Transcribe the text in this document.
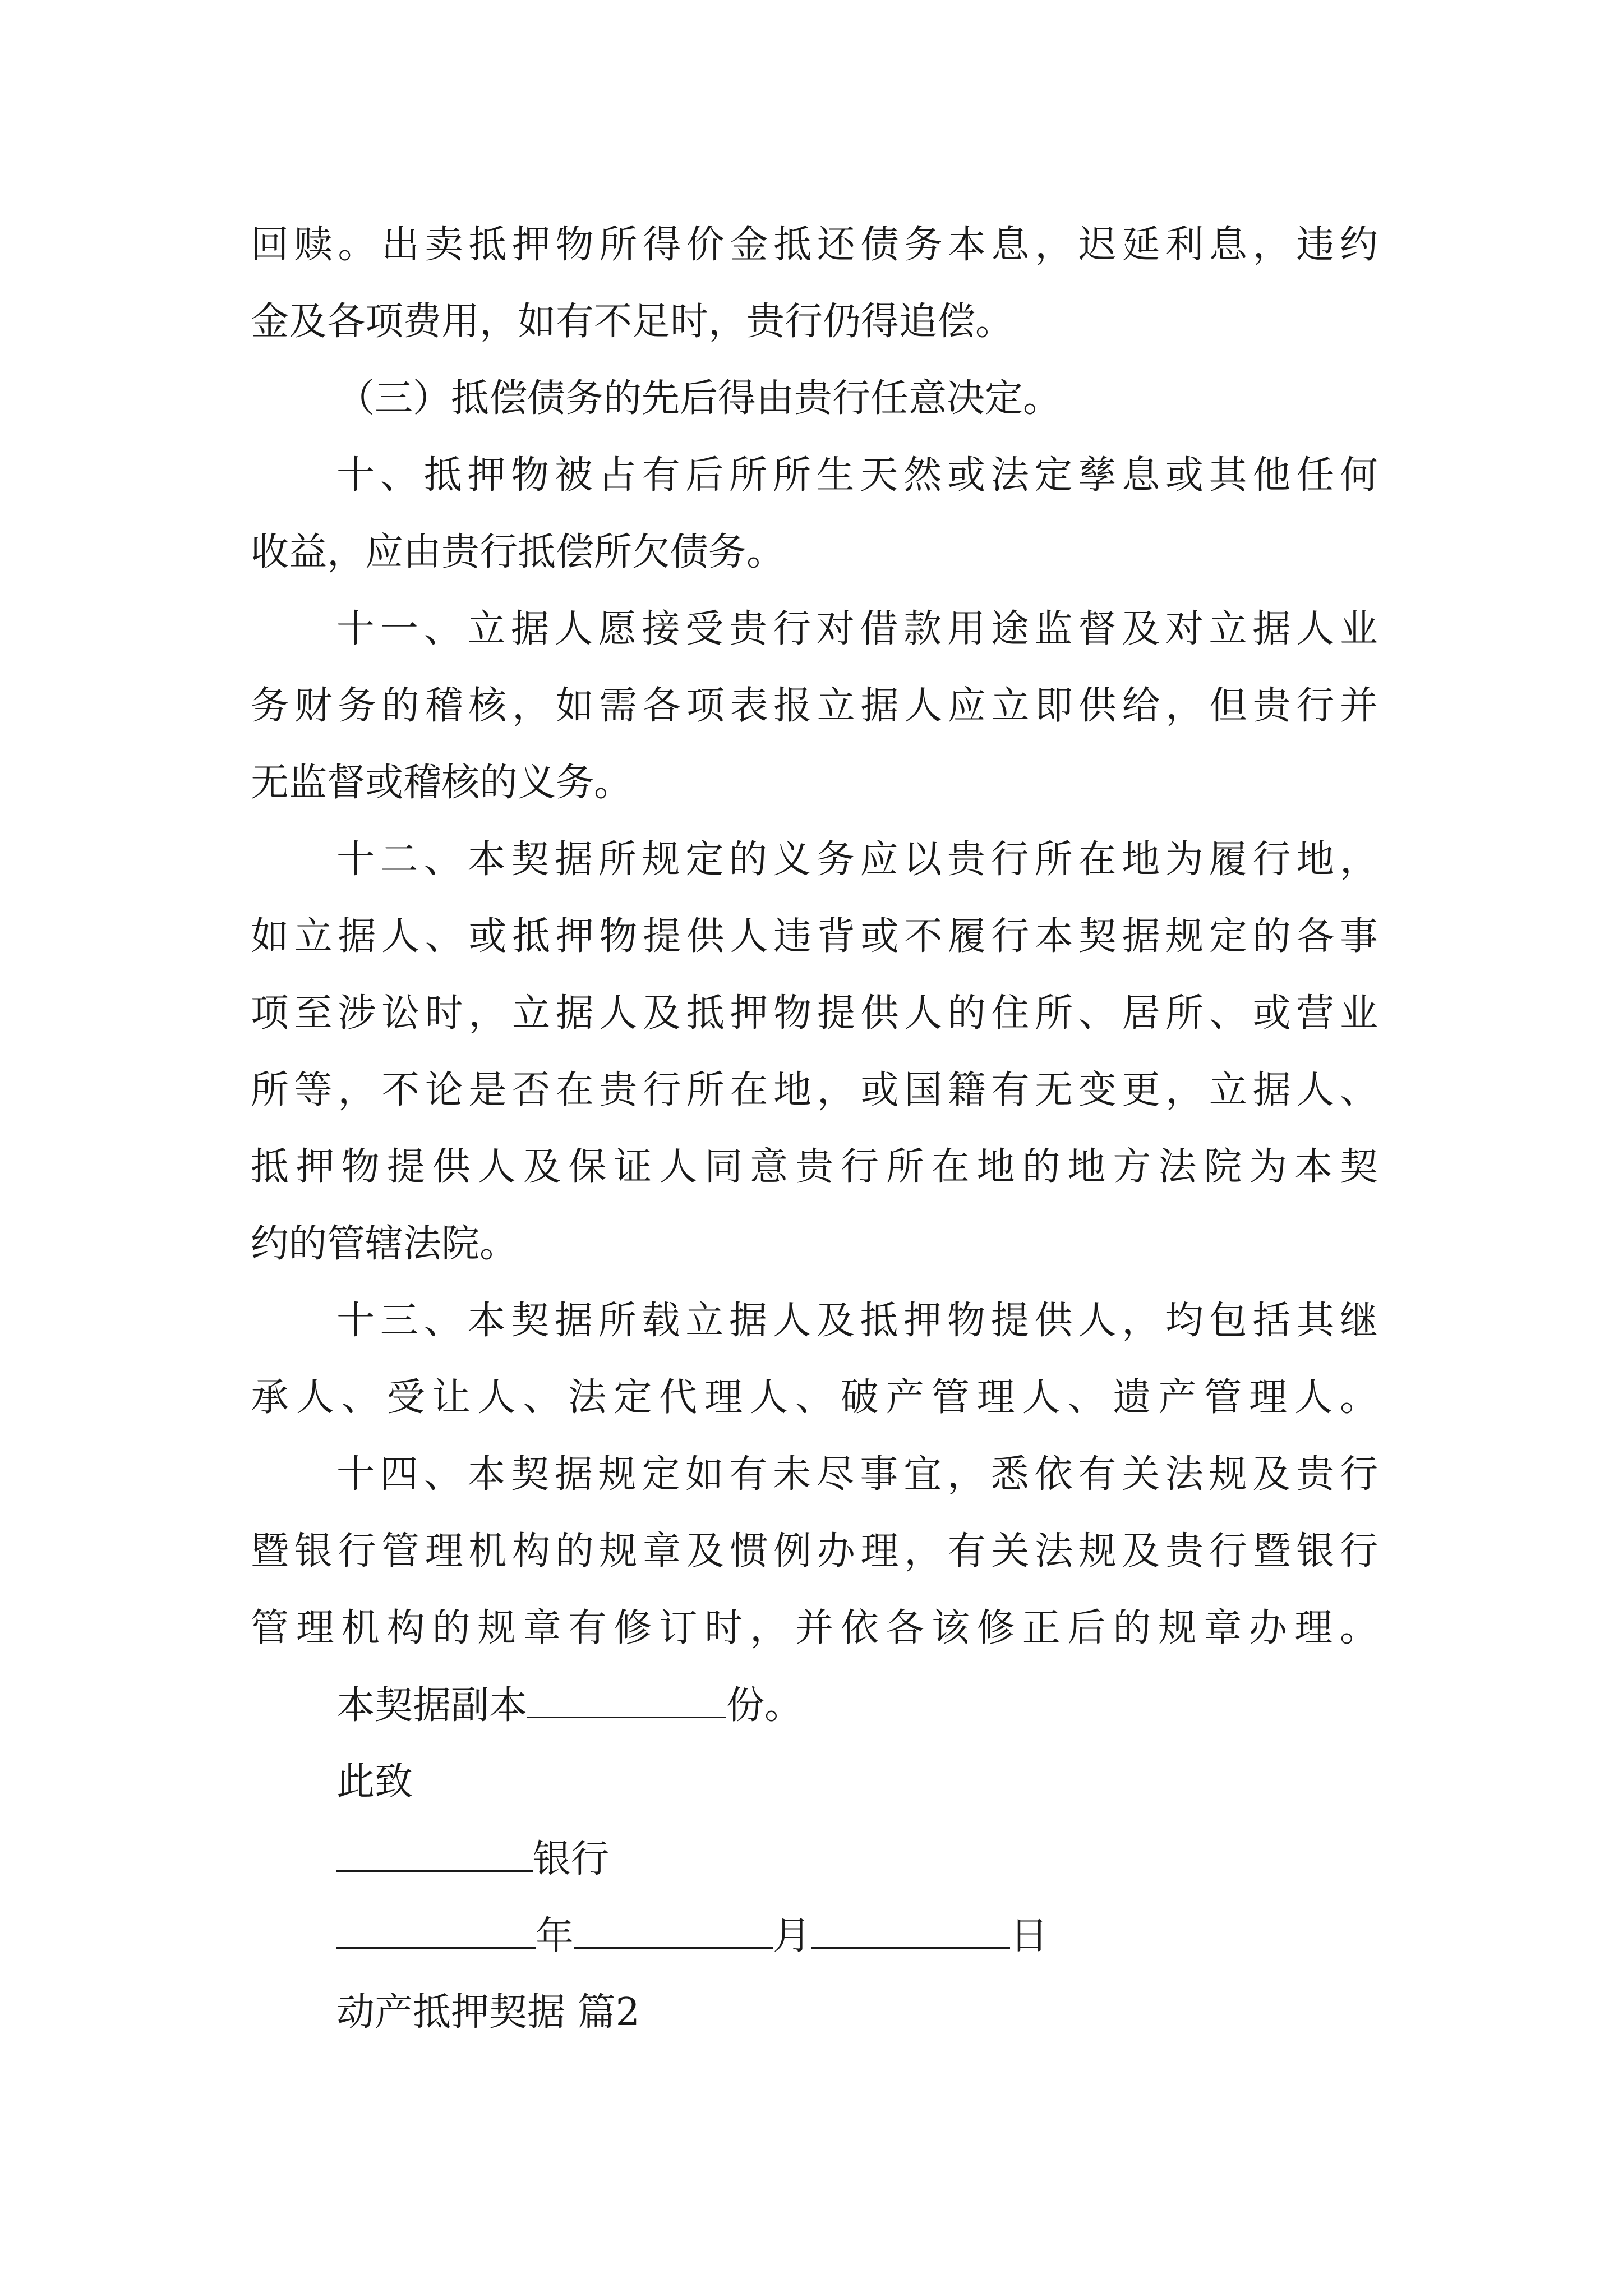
回赎。出卖抵押物所得价金抵还债务本息，迟延利息，违约
金及各项费用，如有不足时，贵行仍得追偿。
（三）抵偿债务的先后得由贵行任意决定。
十、抵押物被占有后所所生天然或法定孳息或其他任何
收益，应由贵行抵偿所欠债务。
十一、立据人愿接受贵行对借款用途监督及对立据人业
务财务的稽核，如需各项表报立据人应立即供给，但贵行并
无监督或稽核的义务。
十二、本契据所规定的义务应以贵行所在地为履行地，
如立据人、或抵押物提供人违背或不履行本契据规定的各事
项至涉讼时，立据人及抵押物提供人的住所、居所、或营业
所等，不论是否在贵行所在地，或国籍有无变更，立据人、
抵押物提供人及保证人同意贵行所在地的地方法院为本契
约的管辖法院。
十三、本契据所载立据人及抵押物提供人，均包括其继
承人、受让人、法定代理人、破产管理人、遗产管理人。
十四、本契据规定如有未尽事宜，悉依有关法规及贵行
暨银行管理机构的规章及惯例办理，有关法规及贵行暨银行
管理机构的规章有修订时，并依各该修正后的规章办理。
本契据副本	份。
此致
银行
年	月	日
动产抵押契据 篇2
